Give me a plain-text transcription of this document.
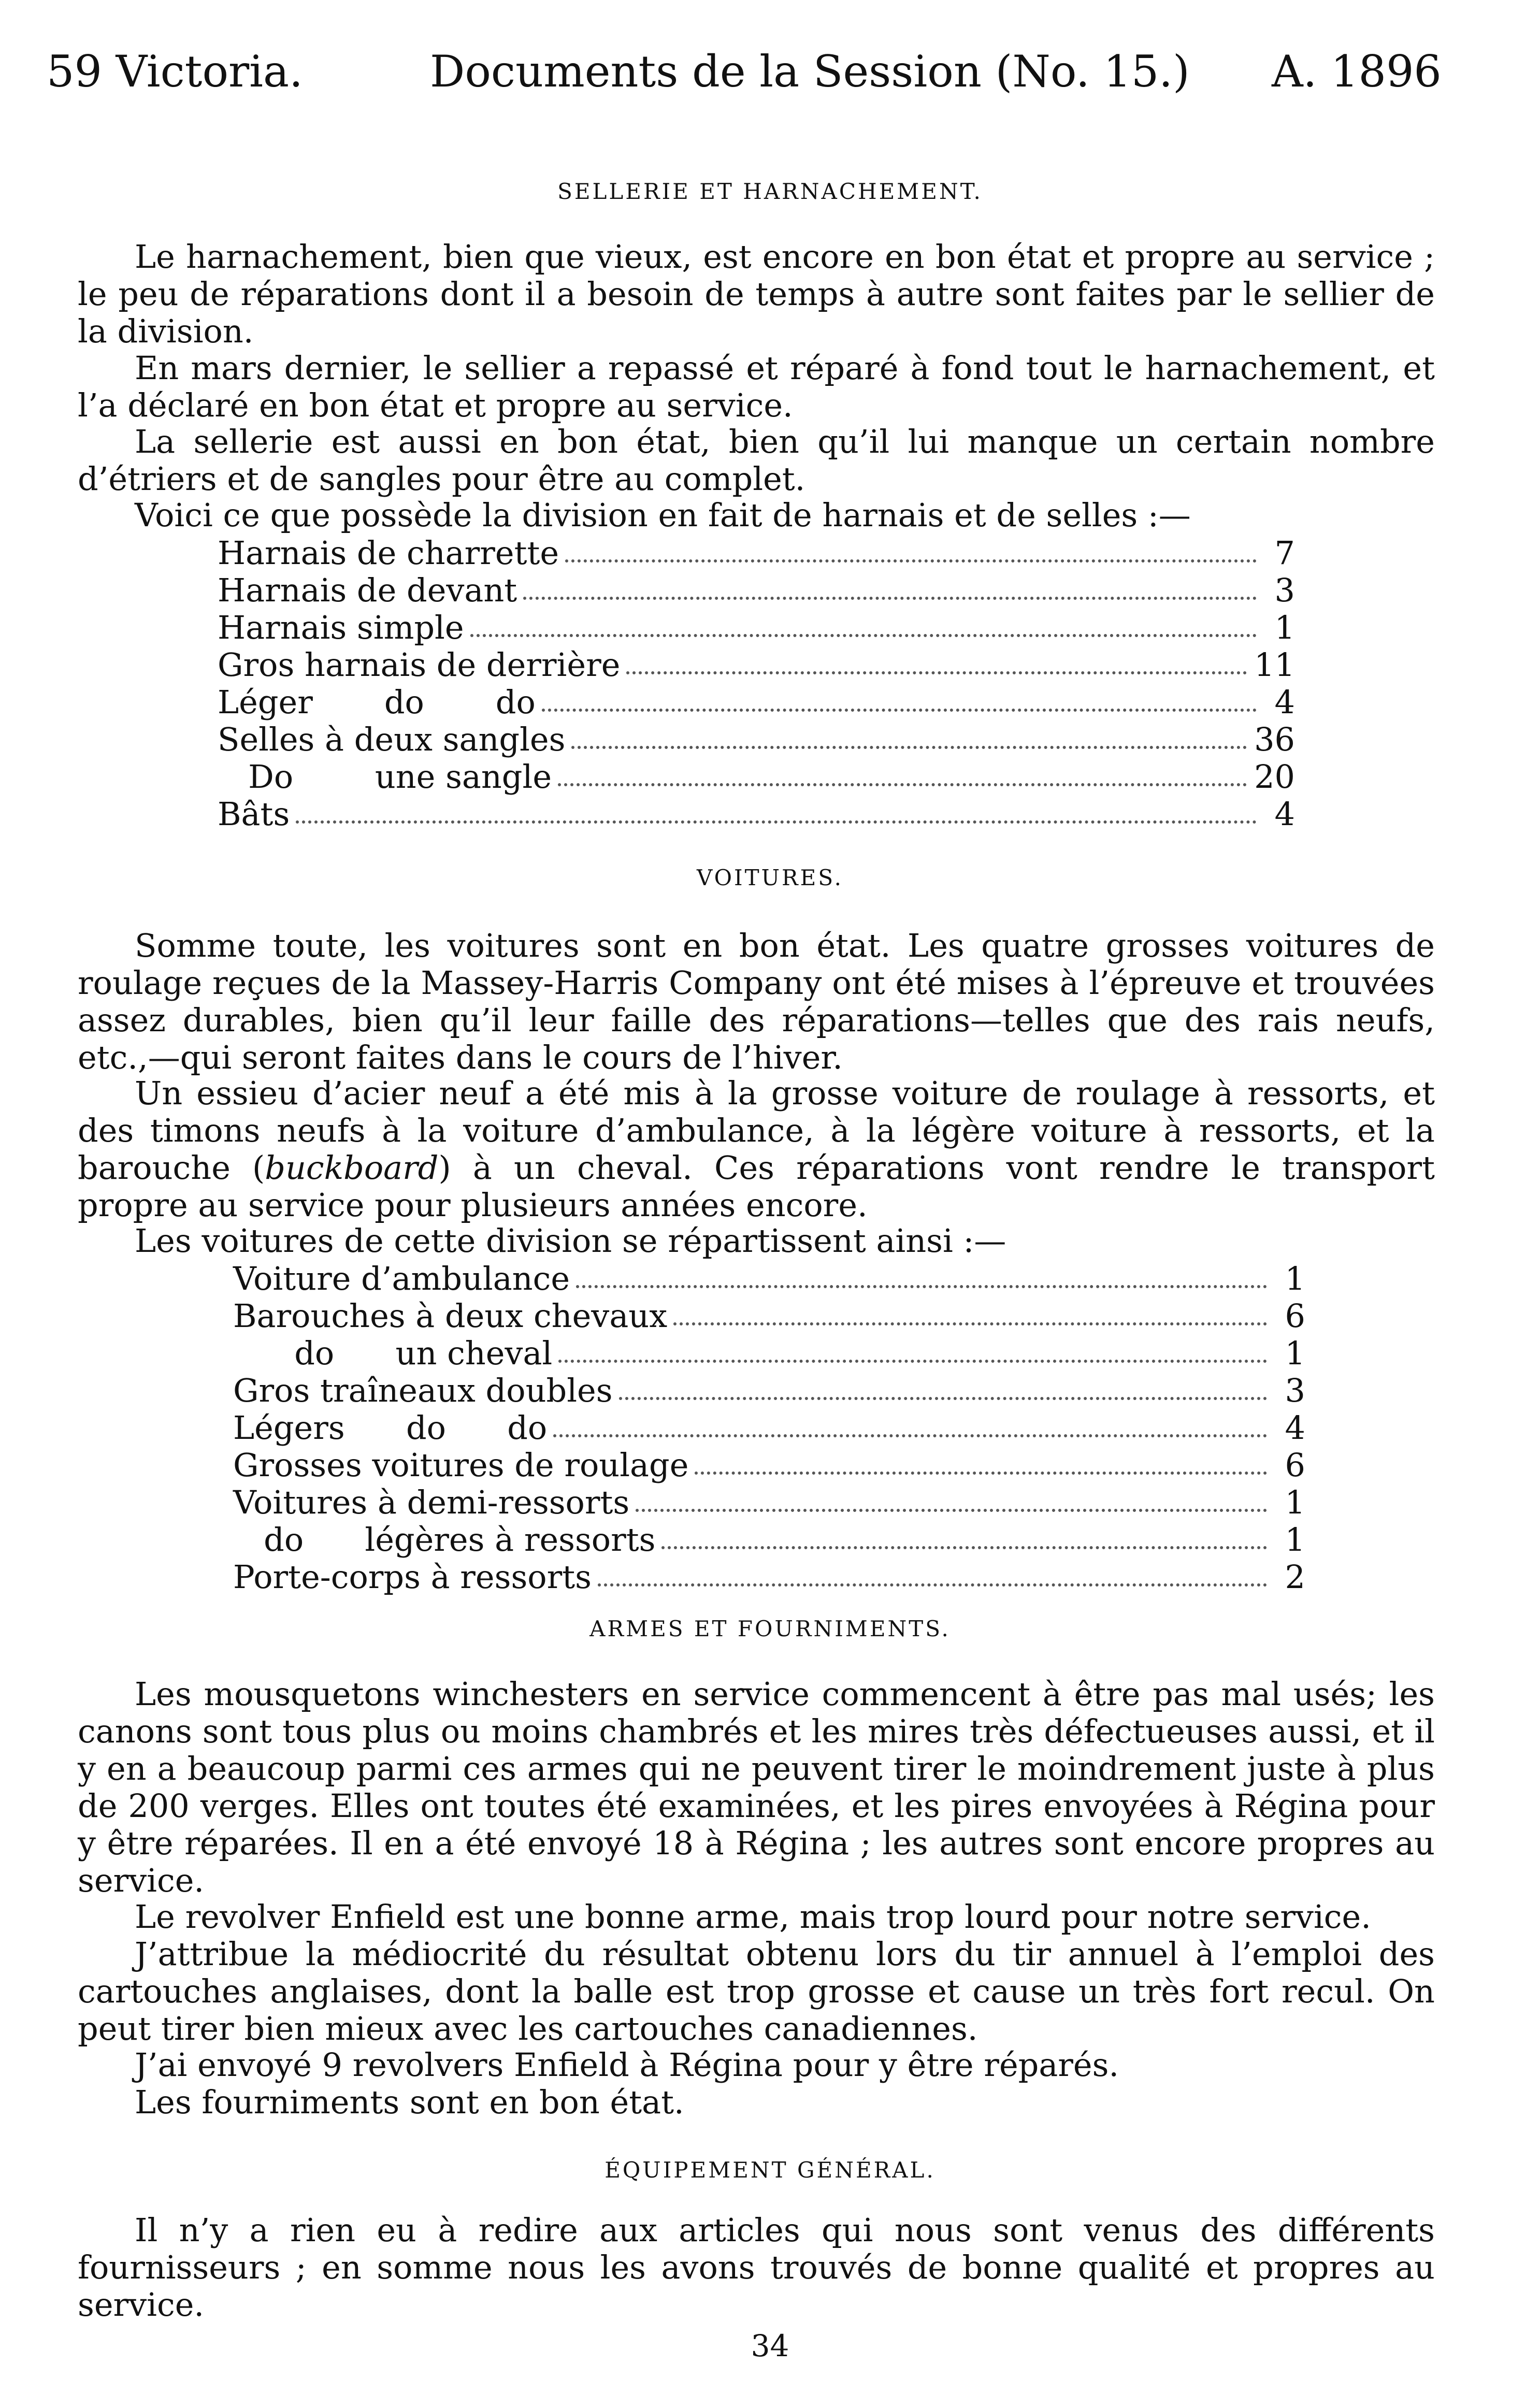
59 Victoria.	Documents de la Session (No. 15.) A. 1896
SELLERIE ET HARNACHEMENT.
Le harnachement, bien que vieux, est encore en bon état et propre au service ; le peu de réparations dont il a besoin de temps à autre sont faites par le sellier de la division.
En mars dernier, le sellier a repassé et réparé à fond tout le harnachement, et l’a déclaré en bon état et propre au service.
La sellerie est aussi en bon état, bien qu’il lui manque un certain nombre d’étriers et de sangles pour être au complet.
Voici ce que possède la division en fait de harnais et de selles :—
Harnais de charrette	7
Harnais de devant	3
Harnais simple	1
Gros harnais de derrière	11
Léger       do       do	4
Selles à deux sangles	36
Do        une sangle	20
Bâts	4
VOITURES.
Somme toute, les voitures sont en bon état. Les quatre grosses voitures de roulage reçues de la Massey-Harris Company ont été mises à l’épreuve et trouvées assez durables, bien qu’il leur faille des réparations—telles que des rais neufs, etc.,—qui seront faites dans le cours de l’hiver.
Un essieu d’acier neuf a été mis à la grosse voiture de roulage à ressorts, et des timons neufs à la voiture d’ambulance, à la légère voiture à ressorts, et la barouche (buckboard) à un cheval. Ces réparations vont rendre le transport propre au service pour plusieurs années encore.
Les voitures de cette division se répartissent ainsi :—
Voiture d’ambulance	1
Barouches à deux chevaux	6
do      un cheval	1
Gros traîneaux doubles	3
Légers      do      do	4
Grosses voitures de roulage	6
Voitures à demi-ressorts	1
do      légères à ressorts	1
Porte-corps à ressorts	2
ARMES ET FOURNIMENTS.
Les mousquetons winchesters en service commencent à être pas mal usés; les canons sont tous plus ou moins chambrés et les mires très défectueuses aussi, et il y en a beaucoup parmi ces armes qui ne peuvent tirer le moindrement juste à plus de 200 verges. Elles ont toutes été examinées, et les pires envoyées à Régina pour y être réparées. Il en a été envoyé 18 à Régina ; les autres sont encore propres au service.
Le revolver Enfield est une bonne arme, mais trop lourd pour notre service.
J’attribue la médiocrité du résultat obtenu lors du tir annuel à l’emploi des cartouches anglaises, dont la balle est trop grosse et cause un très fort recul. On peut tirer bien mieux avec les cartouches canadiennes.
J’ai envoyé 9 revolvers Enfield à Régina pour y être réparés.
Les fourniments sont en bon état.
ÉQUIPEMENT GÉNÉRAL.
Il n’y a rien eu à redire aux articles qui nous sont venus des différents fournisseurs ; en somme nous les avons trouvés de bonne qualité et propres au service.
34
